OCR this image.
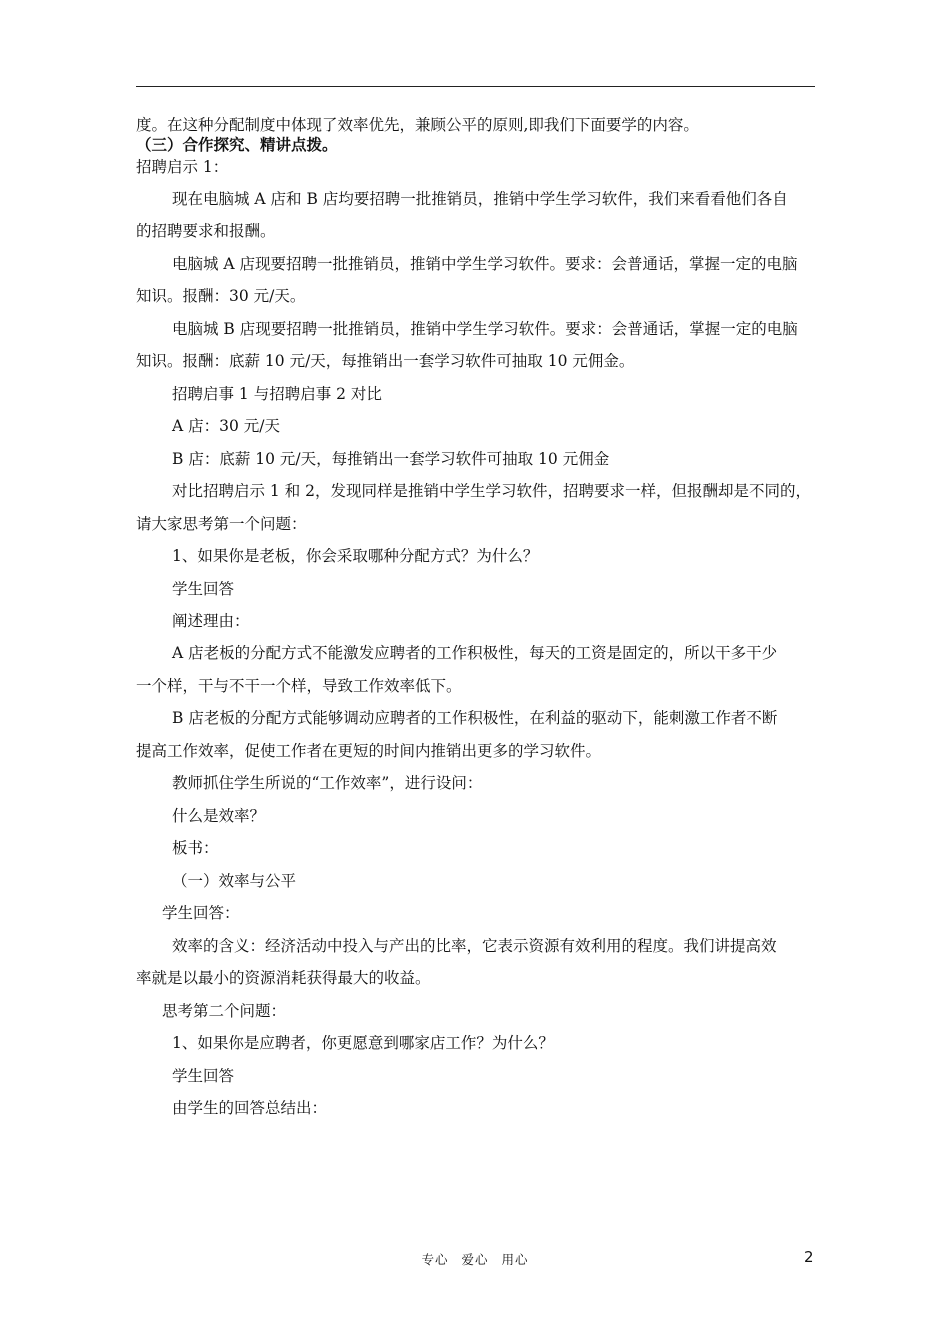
度。在这种分配制度中体现了效率优先，兼顾公平的原则,即我们下面要学的内容。
（三）合作探究、精讲点拨。
招聘启示 1：
现在电脑城 A 店和 B 店均要招聘一批推销员，推销中学生学习软件，我们来看看他们各自
的招聘要求和报酬。
电脑城 A 店现要招聘一批推销员，推销中学生学习软件。要求：会普通话，掌握一定的电脑
知识。报酬：30 元/天。
电脑城 B 店现要招聘一批推销员，推销中学生学习软件。要求：会普通话，掌握一定的电脑
知识。报酬：底薪 10 元/天，每推销出一套学习软件可抽取 10 元佣金。
招聘启事 1 与招聘启事 2 对比
A 店：30 元/天
B 店：底薪 10 元/天，每推销出一套学习软件可抽取 10 元佣金
对比招聘启示 1 和 2，发现同样是推销中学生学习软件，招聘要求一样，但报酬却是不同的，
请大家思考第一个问题：
1、如果你是老板，你会采取哪种分配方式？为什么？
学生回答
阐述理由：
A 店老板的分配方式不能激发应聘者的工作积极性，每天的工资是固定的，所以干多干少
一个样，干与不干一个样，导致工作效率低下。
B 店老板的分配方式能够调动应聘者的工作积极性，在利益的驱动下，能刺激工作者不断
提高工作效率，促使工作者在更短的时间内推销出更多的学习软件。
教师抓住学生所说的“工作效率”，进行设问：
什么是效率？
板书：
（一）效率与公平
学生回答：
效率的含义：经济活动中投入与产出的比率，它表示资源有效利用的程度。我们讲提高效
率就是以最小的资源消耗获得最大的收益。
思考第二个问题：
1、如果你是应聘者，你更愿意到哪家店工作？为什么？
学生回答
由学生的回答总结出：
专心 爱心 用心	2
